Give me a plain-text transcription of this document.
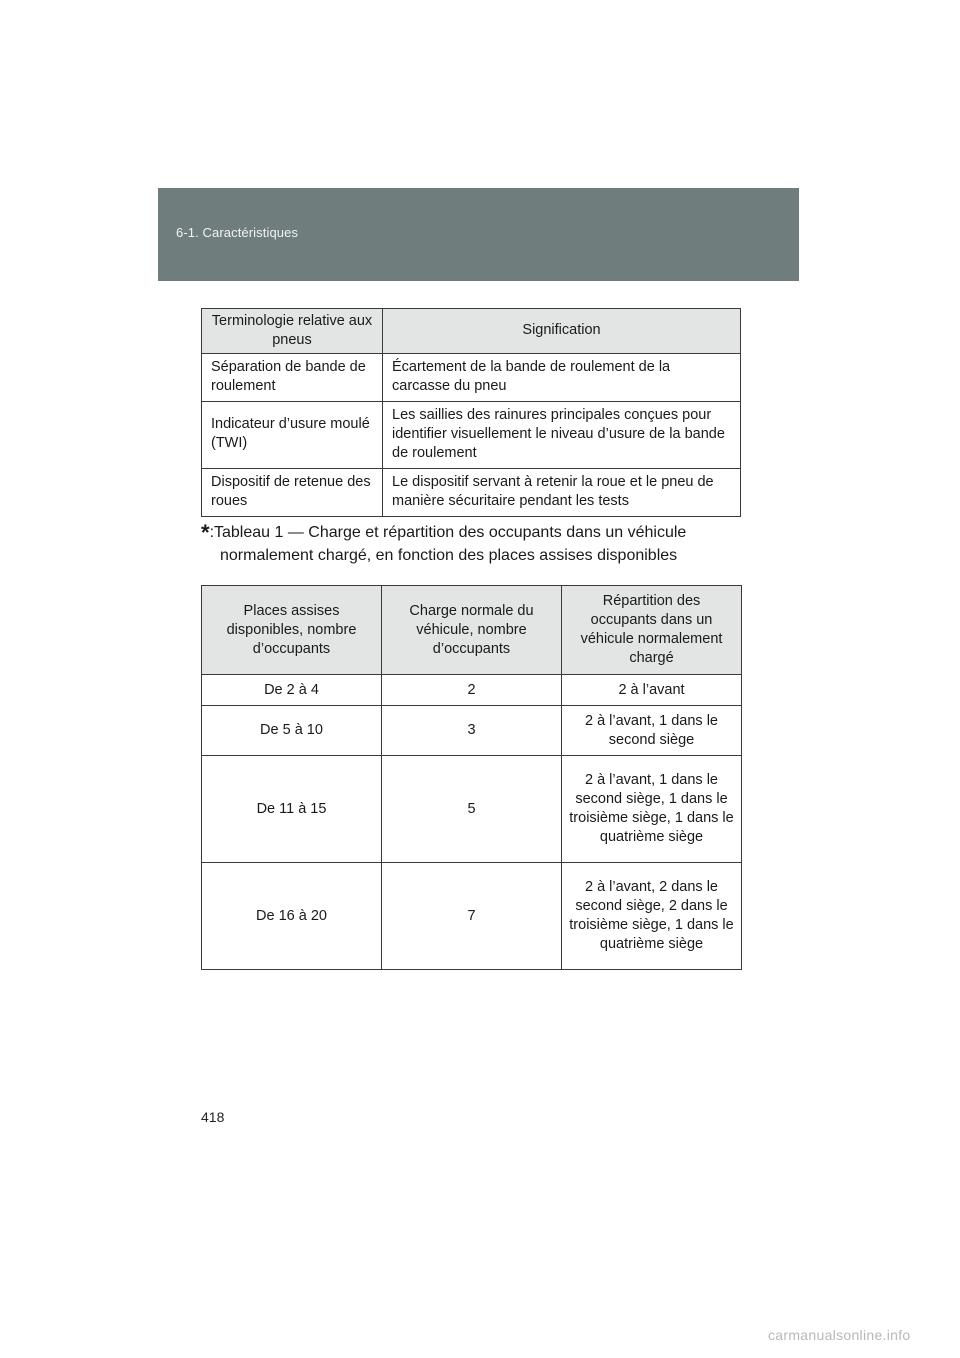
6-1. Caractéristiques
Terminologie relative aux pneus	Signification
Séparation de bande de roulement	Écartement de la bande de roulement de la carcasse du pneu
Indicateur d’usure moulé (TWI)	Les saillies des rainures principales conçues pour identifier visuellement le niveau d’usure de la bande de roulement
Dispositif de retenue des roues	Le dispositif servant à retenir la roue et le pneu de manière sécuritaire pendant les tests
*:Tableau 1 — Charge et répartition des occupants dans un véhicule
normalement chargé, en fonction des places assises disponibles
Places assises disponibles, nombre d’occupants	Charge normale du véhicule, nombre d’occupants	Répartition des occupants dans un véhicule normalement chargé
De 2 à 4	2	2 à l’avant
De 5 à 10	3	2 à l’avant, 1 dans le second siège
De 11 à 15	5	2 à l’avant, 1 dans le second siège, 1 dans le troisième siège, 1 dans le quatrième siège
De 16 à 20	7	2 à l’avant, 2 dans le second siège, 2 dans le troisième siège, 1 dans le quatrième siège
418
carmanualsonline.info
